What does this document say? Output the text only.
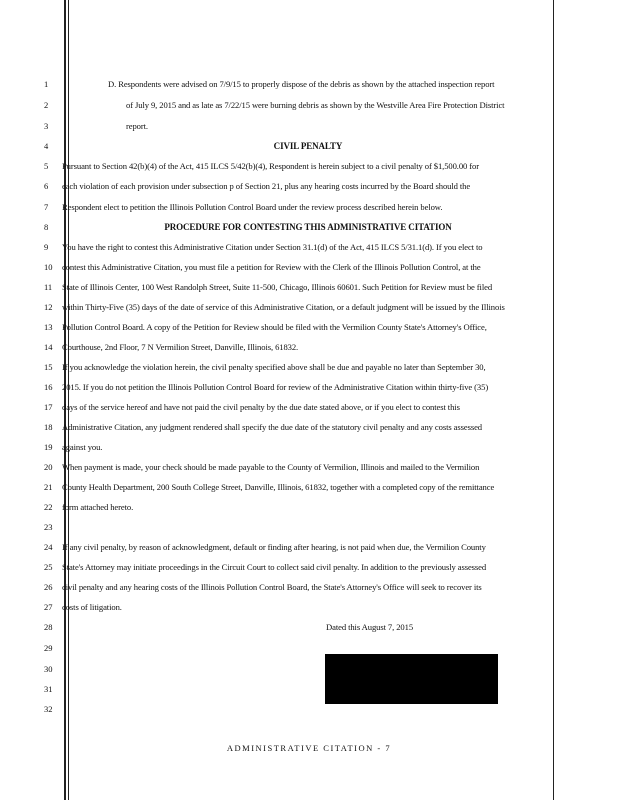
1
2
3
4
5
6
7
8
9
10
11
12
13
14
15
16
17
18
19
20
21
22
23
24
25
26
27
28
29
30
31
32
D. Respondents were advised on 7/9/15 to properly dispose of the debris as shown by the attached inspection report
of July 9, 2015 and as late as 7/22/15 were burning debris as shown by the Westville Area Fire Protection District
report.
CIVIL PENALTY
Pursuant to Section 42(b)(4) of the Act, 415 ILCS 5/42(b)(4), Respondent is herein subject to a civil penalty of $1,500.00 for
each violation of each provision under subsection p of Section 21, plus any hearing costs incurred by the Board should the
Respondent elect to petition the Illinois Pollution Control Board under the review process described herein below.
PROCEDURE FOR CONTESTING THIS ADMINISTRATIVE CITATION
You have the right to contest this Administrative Citation under Section 31.1(d) of the Act, 415 ILCS 5/31.1(d). If you elect to
contest this Administrative Citation, you must file a petition for Review with the Clerk of the Illinois Pollution Control, at the
State of Illinois Center, 100 West Randolph Street, Suite 11-500, Chicago, Illinois 60601. Such Petition for Review must be filed
within Thirty-Five (35) days of the date of service of this Administrative Citation, or a default judgment will be issued by the Illinois
Pollution Control Board. A copy of the Petition for Review should be filed with the Vermilion County State's Attorney's Office,
Courthouse, 2nd Floor, 7 N Vermilion Street, Danville, Illinois, 61832.
If you acknowledge the violation herein, the civil penalty specified above shall be due and payable no later than September 30,
2015. If you do not petition the Illinois Pollution Control Board for review of the Administrative Citation within thirty-five (35)
days of the service hereof and have not paid the civil penalty by the due date stated above, or if you elect to contest this
Administrative Citation, any judgment rendered shall specify the due date of the statutory civil penalty and any costs assessed
against you.
When payment is made, your check should be made payable to the County of Vermilion, Illinois and mailed to the Vermilion
County Health Department, 200 South College Street, Danville, Illinois, 61832, together with a completed copy of the remittance
form attached hereto.
If any civil penalty, by reason of acknowledgment, default or finding after hearing, is not paid when due, the Vermilion County
State's Attorney may initiate proceedings in the Circuit Court to collect said civil penalty. In addition to the previously assessed
civil penalty and any hearing costs of the Illinois Pollution Control Board, the State's Attorney's Office will seek to recover its
costs of litigation.
Dated this August 7, 2015
ADMINISTRATIVE CITATION - 7
